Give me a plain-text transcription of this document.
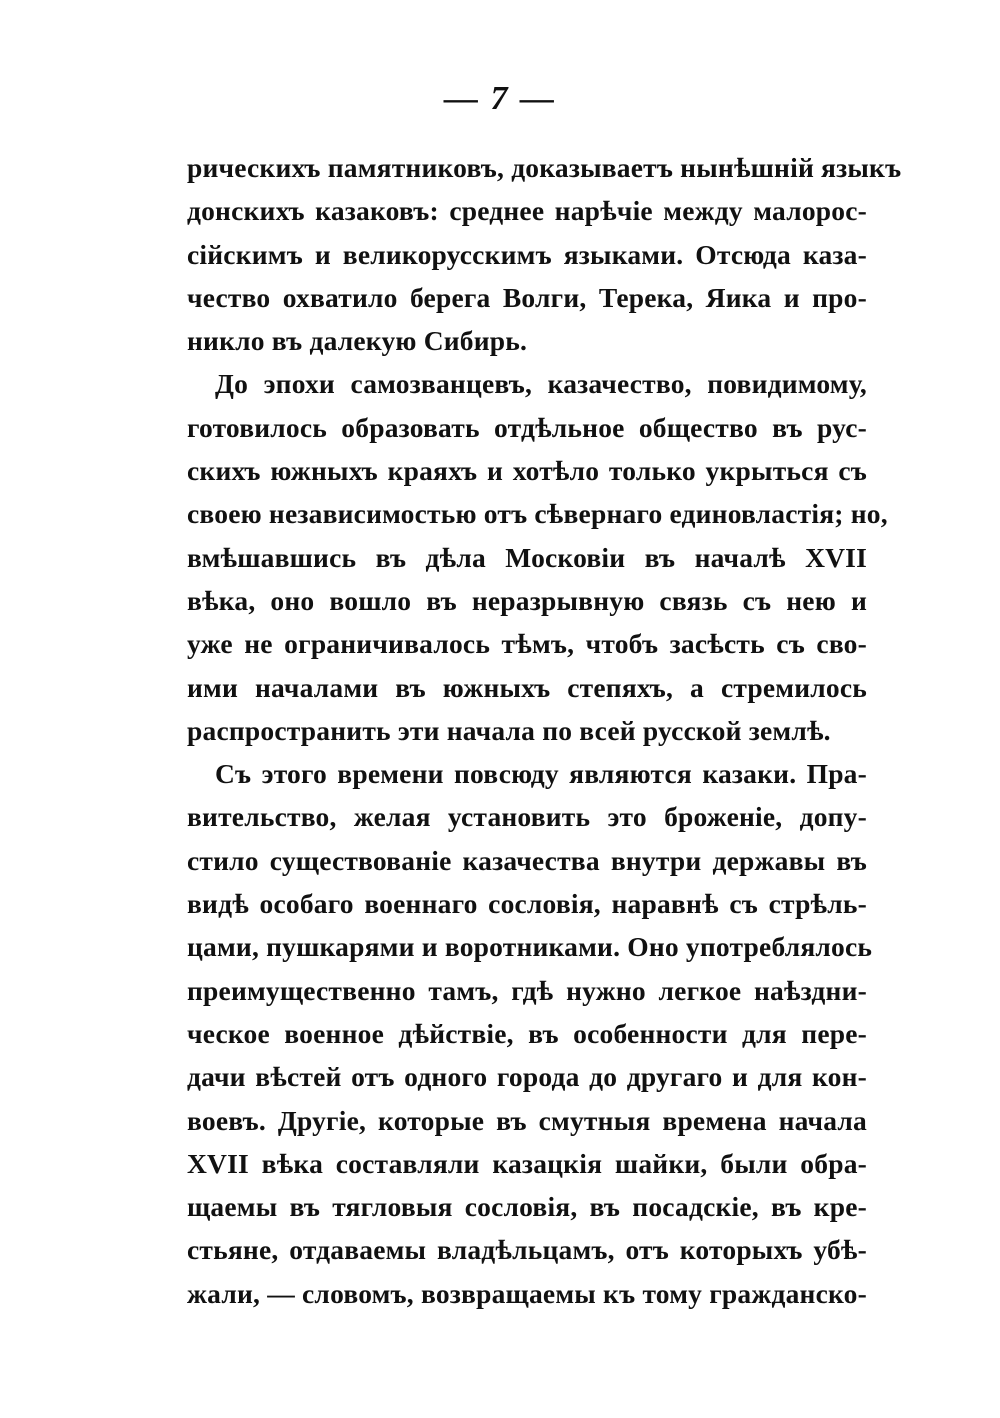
— 7 —
рическихъ памятниковъ, доказываетъ нынѣшній языкъ
донскихъ казаковъ: среднее нарѣчіе между малорос-
сійскимъ и великорусскимъ языками. Отсюда каза-
чество охватило берега Волги, Терека, Яика и про-
никло въ далекую Сибирь.
До эпохи самозванцевъ, казачество, повидимому,
готовилось образовать отдѣльное общество въ рус-
скихъ южныхъ краяхъ и хотѣло только укрыться съ
своею независимостью отъ сѣвернаго единовластія; но,
вмѣшавшись въ дѣла Московіи въ началѣ XVII
вѣка, оно вошло въ неразрывную связь съ нею и
уже не ограничивалось тѣмъ, чтобъ засѣсть съ сво-
ими началами въ южныхъ степяхъ, а стремилось
распространить эти начала по всей русской землѣ.
Съ этого времени повсюду являются казаки. Пра-
вительство, желая установить это броженіе, допу-
стило существованіе казачества внутри державы въ
видѣ особаго военнаго сословія, наравнѣ съ стрѣль-
цами, пушкарями и воротниками. Оно употреблялось
преимущественно тамъ, гдѣ нужно легкое наѣздни-
ческое военное дѣйствіе, въ особенности для пере-
дачи вѣстей отъ одного города до другаго и для кон-
воевъ. Другіе, которые въ смутныя времена начала
XVII вѣка составляли казацкія шайки, были обра-
щаемы въ тягловыя сословія, въ посадскіе, въ кре-
стьяне, отдаваемы владѣльцамъ, отъ которыхъ убѣ-
жали, — словомъ, возвращаемы къ тому гражданско-
